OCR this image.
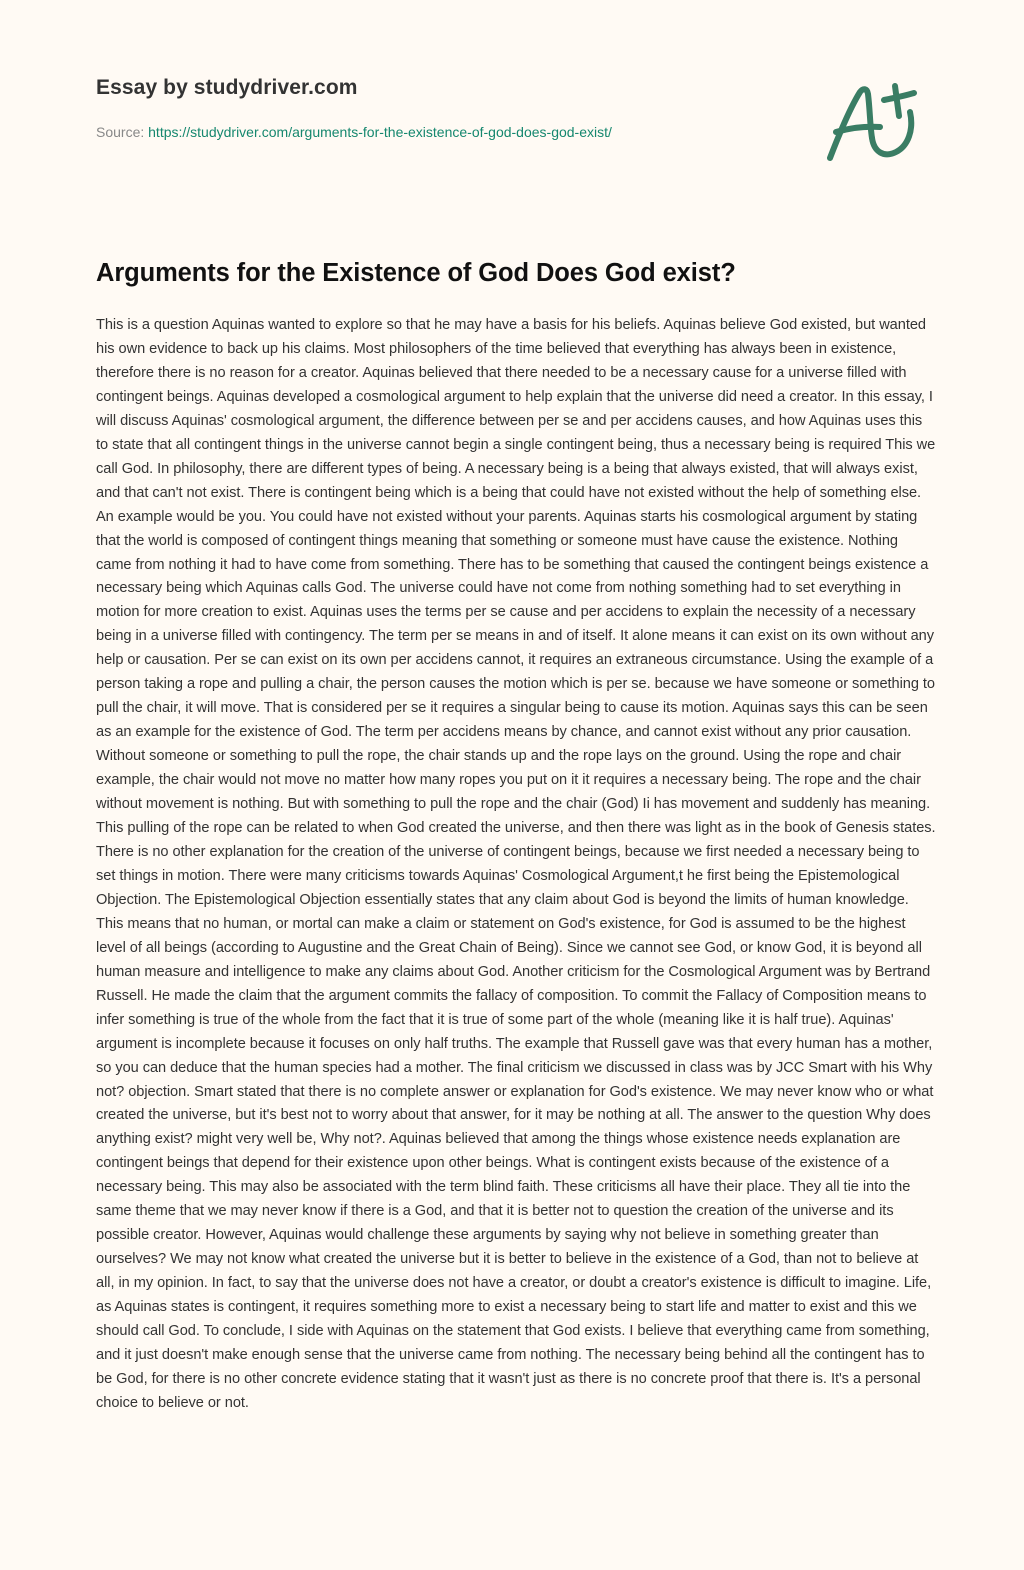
Essay by studydriver.com
Source: https://studydriver.com/arguments-for-the-existence-of-god-does-god-exist/
Arguments for the Existence of God Does God exist?

This is a question Aquinas wanted to explore so that he may have a basis for his beliefs. Aquinas believe God existed, but wanted his own evidence to back up his claims. Most philosophers of the time believed that everything has always been in existence, therefore there is no reason for a creator. Aquinas believed that there needed to be a necessary cause for a universe filled with contingent beings. Aquinas developed a cosmological argument to help explain that the universe did need a creator. In this essay, I will discuss Aquinas' cosmological argument, the difference between per se and per accidens causes, and how Aquinas uses this to state that all contingent things in the universe cannot begin a single contingent being, thus a necessary being is required This we call God. In philosophy, there are different types of being. A necessary being is a being that always existed, that will always exist, and that can't not exist. There is contingent being which is a being that could have not existed without the help of something else. An example would be you. You could have not existed without your parents. Aquinas starts his cosmological argument by stating that the world is composed of contingent things meaning that something or someone must have cause the existence. Nothing came from nothing it had to have come from something. There has to be something that caused the contingent beings existence a necessary being which Aquinas calls God. The universe could have not come from nothing something had to set everything in motion for more creation to exist. Aquinas uses the terms per se cause and per accidens to explain the necessity of a necessary being in a universe filled with contingency. The term per se means in and of itself. It alone means it can exist on its own without any help or causation. Per se can exist on its own per accidens cannot, it requires an extraneous circumstance. Using the example of a person taking a rope and pulling a chair, the person causes the motion which is per se. because we have someone or something to pull the chair, it will move. That is considered per se it requires a singular being to cause its motion. Aquinas says this can be seen as an example for the existence of God. The term per accidens means by chance, and cannot exist without any prior causation. Without someone or something to pull the rope, the chair stands up and the rope lays on the ground. Using the rope and chair example, the chair would not move no matter how many ropes you put on it it requires a necessary being. The rope and the chair without movement is nothing. But with something to pull the rope and the chair (God) Ii has movement and suddenly has meaning. This pulling of the rope can be related to when God created the universe, and then there was light as in the book of Genesis states. There is no other explanation for the creation of the universe of contingent beings, because we first needed a necessary being to set things in motion. There were many criticisms towards Aquinas' Cosmological Argument,t he first being the Epistemological Objection. The Epistemological Objection essentially states that any claim about God is beyond the limits of human knowledge. This means that no human, or mortal can make a claim or statement on God's existence, for God is assumed to be the highest level of all beings (according to Augustine and the Great Chain of Being). Since we cannot see God, or know God, it is beyond all human measure and intelligence to make any claims about God. Another criticism for the Cosmological Argument was by Bertrand Russell. He made the claim that the argument commits the fallacy of composition. To commit the Fallacy of Composition means to infer something is true of the whole from the fact that it is true of some part of the whole (meaning like it is half true). Aquinas' argument is incomplete because it focuses on only half truths. The example that Russell gave was that every human has a mother, so you can deduce that the human species had a mother. The final criticism we discussed in class was by JCC Smart with his Why not? objection. Smart stated that there is no complete answer or explanation for God's existence. We may never know who or what created the universe, but it's best not to worry about that answer, for it may be nothing at all. The answer to the question Why does anything exist? might very well be, Why not?. Aquinas believed that among the things whose existence needs explanation are contingent beings that depend for their existence upon other beings. What is contingent exists because of the existence of a necessary being. This may also be associated with the term blind faith. These criticisms all have their place. They all tie into the same theme that we may never know if there is a God, and that it is better not to question the creation of the universe and its possible creator. However, Aquinas would challenge these arguments by saying why not believe in something greater than ourselves? We may not know what created the universe but it is better to believe in the existence of a God, than not to believe at all, in my opinion. In fact, to say that the universe does not have a creator, or doubt a creator's existence is difficult to imagine. Life, as Aquinas states is contingent, it requires something more to exist a necessary being to start life and matter to exist and this we should call God. To conclude, I side with Aquinas on the statement that God exists. I believe that everything came from something, and it just doesn't make enough sense that the universe came from nothing. The necessary being behind all the contingent has to be God, for there is no other concrete evidence stating that it wasn't just as there is no concrete proof that there is. It's a personal choice to believe or not.
